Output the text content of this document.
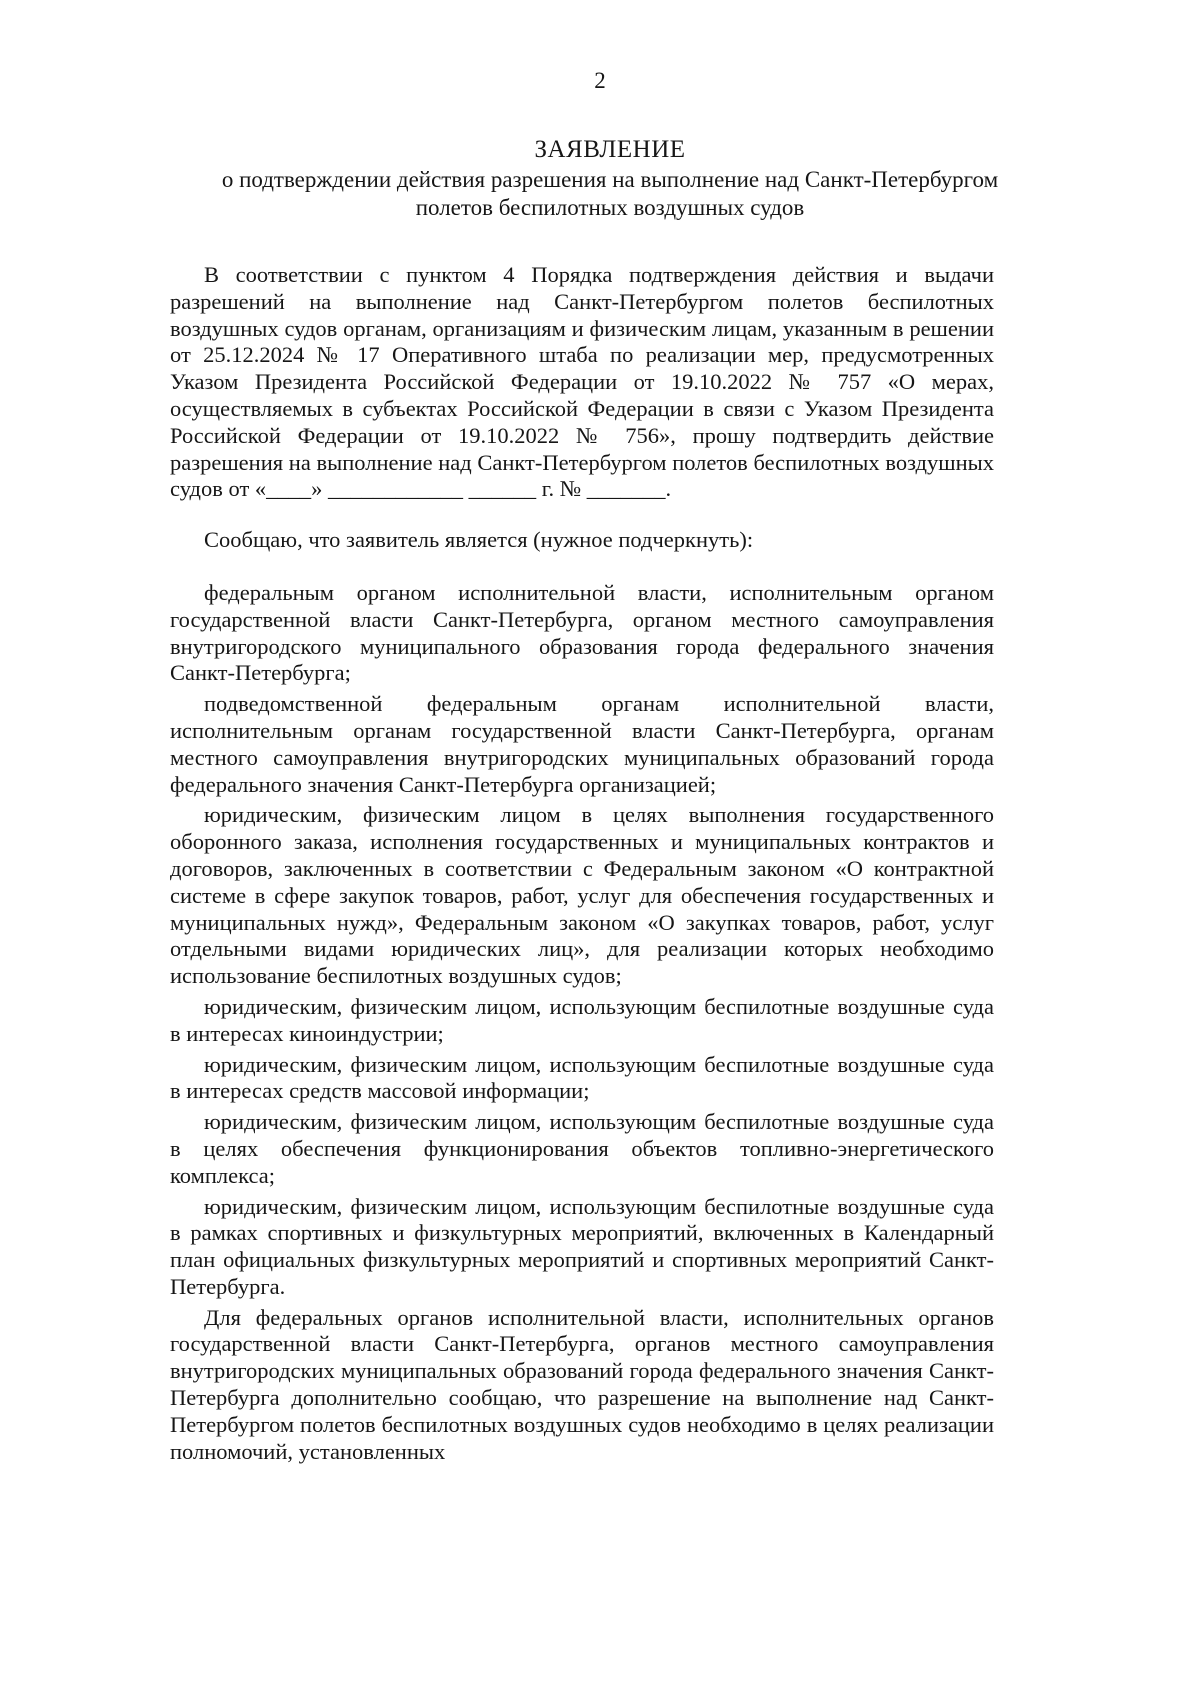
2
ЗАЯВЛЕНИЕ
о подтверждении действия разрешения на выполнение над Санкт-Петербургом
полетов беспилотных воздушных судов

В соответствии с пунктом 4 Порядка подтверждения действия и выдачи разрешений на выполнение над Санкт-Петербургом полетов беспилотных воздушных судов органам, организациям и физическим лицам, указанным в решении от 25.12.2024 № 17 Оперативного штаба по реализации мер, предусмотренных Указом Президента Российской Федерации от 19.10.2022 № 757 «О мерах, осуществляемых в субъектах Российской Федерации в связи с Указом Президента Российской Федерации от 19.10.2022 № 756», прошу подтвердить действие разрешения на выполнение над Санкт-Петербургом полетов беспилотных воздушных судов от «____» ____________ ______ г. № _______.

Сообщаю, что заявитель является (нужное подчеркнуть):

федеральным органом исполнительной власти, исполнительным органом государственной власти Санкт-Петербурга, органом местного самоуправления внутригородского муниципального образования города федерального значения Санкт-Петербурга;

подведомственной федеральным органам исполнительной власти, исполнительным органам государственной власти Санкт-Петербурга, органам местного самоуправления внутригородских муниципальных образований города федерального значения Санкт-Петербурга организацией;

юридическим, физическим лицом в целях выполнения государственного оборонного заказа, исполнения государственных и муниципальных контрактов и договоров, заключенных в соответствии с Федеральным законом «О контрактной системе в сфере закупок товаров, работ, услуг для обеспечения государственных и муниципальных нужд», Федеральным законом «О закупках товаров, работ, услуг отдельными видами юридических лиц», для реализации которых необходимо использование беспилотных воздушных судов;

юридическим, физическим лицом, использующим беспилотные воздушные суда в интересах киноиндустрии;

юридическим, физическим лицом, использующим беспилотные воздушные суда в интересах средств массовой информации;

юридическим, физическим лицом, использующим беспилотные воздушные суда в целях обеспечения функционирования объектов топливно-энергетического комплекса;

юридическим, физическим лицом, использующим беспилотные воздушные суда в рамках спортивных и физкультурных мероприятий, включенных в Календарный план официальных физкультурных мероприятий и спортивных мероприятий Санкт-Петербурга.

Для федеральных органов исполнительной власти, исполнительных органов государственной власти Санкт-Петербурга, органов местного самоуправления внутригородских муниципальных образований города федерального значения Санкт-Петербурга дополнительно сообщаю, что разрешение на выполнение над Санкт-Петербургом полетов беспилотных воздушных судов необходимо в целях реализации полномочий, установленных
